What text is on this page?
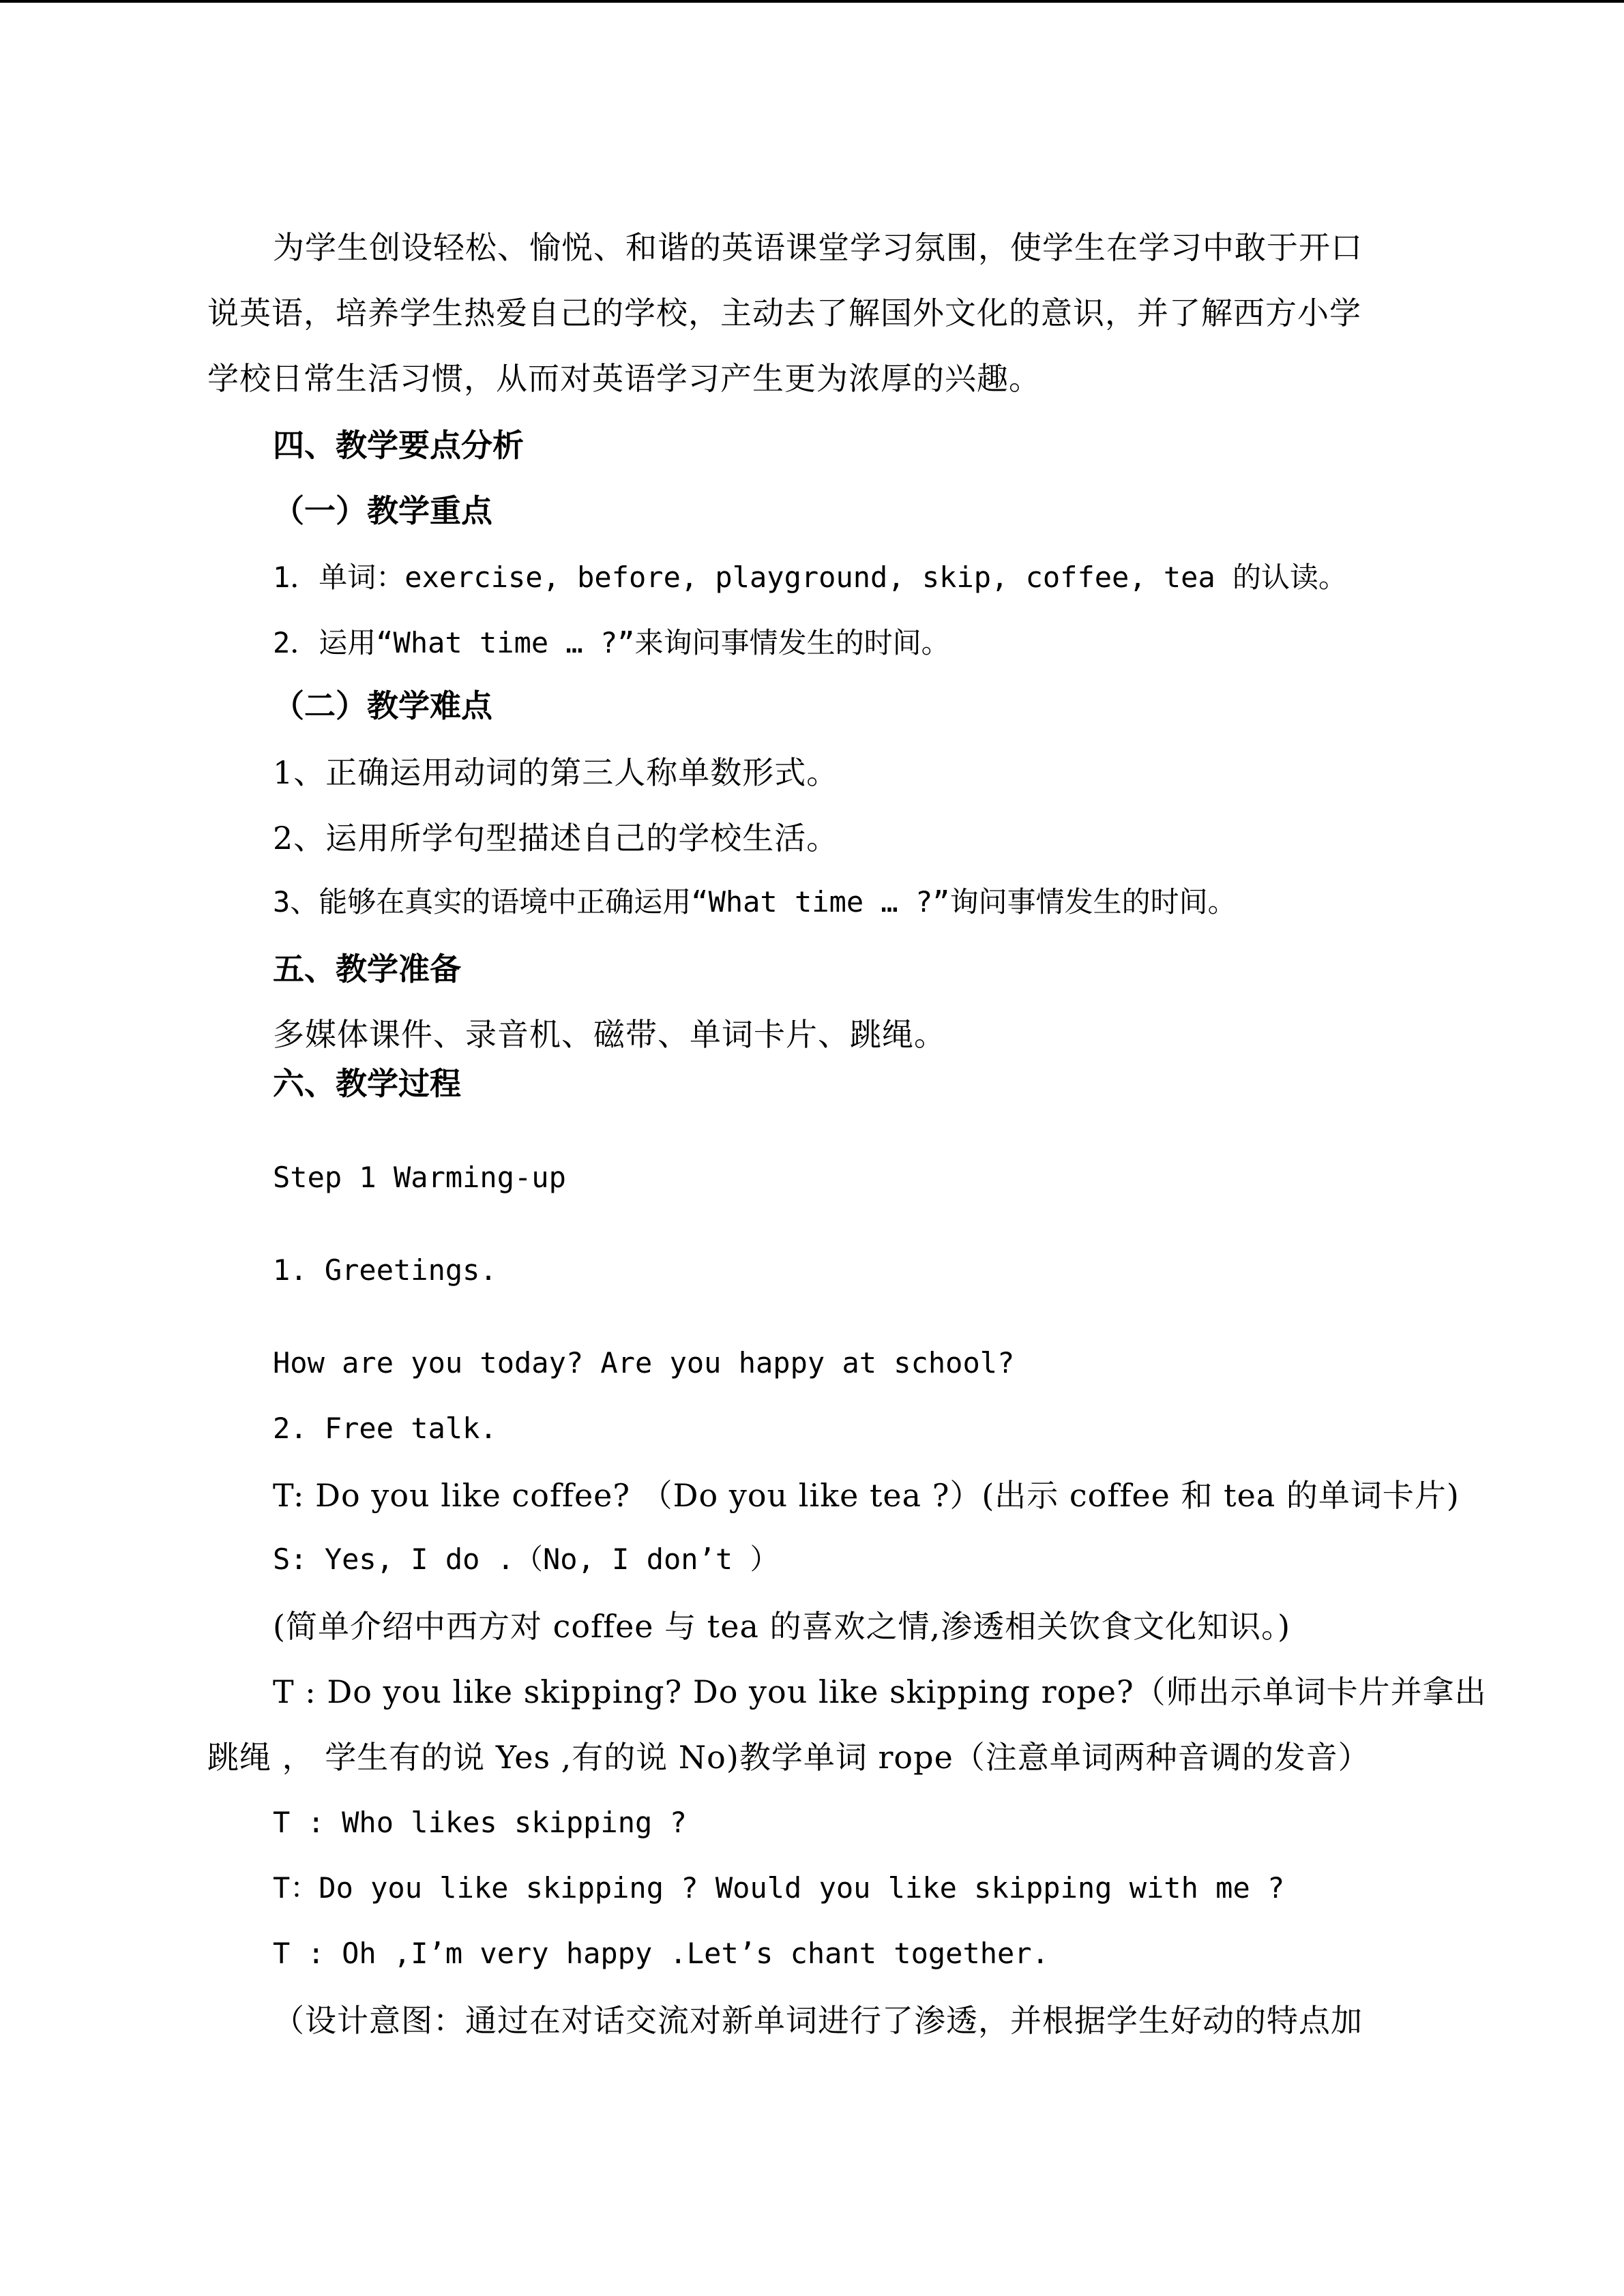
为学生创设轻松、愉悦、和谐的英语课堂学习氛围，使学生在学习中敢于开口
说英语，培养学生热爱自己的学校，主动去了解国外文化的意识，并了解西方小学
学校日常生活习惯，从而对英语学习产生更为浓厚的兴趣。
四、教学要点分析
（一）教学重点
1．单词：exercise, before, playground, skip, coffee, tea 的认读。
2．运用“What time … ?”来询问事情发生的时间。
（二）教学难点
1、正确运用动词的第三人称单数形式。
2、运用所学句型描述自己的学校生活。
3、能够在真实的语境中正确运用“What time … ?”询问事情发生的时间。
五、教学准备
多媒体课件、录音机、磁带、单词卡片、跳绳。
六、教学过程
Step 1 Warming-up
1. Greetings.
How are you today? Are you happy at school?
2. Free talk.
T: Do you like coffee? （Do you like tea ?）(出示 coffee 和 tea 的单词卡片)
S: Yes, I do .（No, I don’t ）
(简单介绍中西方对 coffee 与 tea 的喜欢之情,渗透相关饮食文化知识。)
T : Do you like skipping? Do you like skipping rope?（师出示单词卡片并拿出
跳绳 ， 学生有的说 Yes ,有的说 No)教学单词 rope（注意单词两种音调的发音）
T : Who likes skipping ?
T：Do you like skipping ? Would you like skipping with me ?
T : Oh ,I’m very happy .Let’s chant together.
（设计意图：通过在对话交流对新单词进行了渗透，并根据学生好动的特点加
